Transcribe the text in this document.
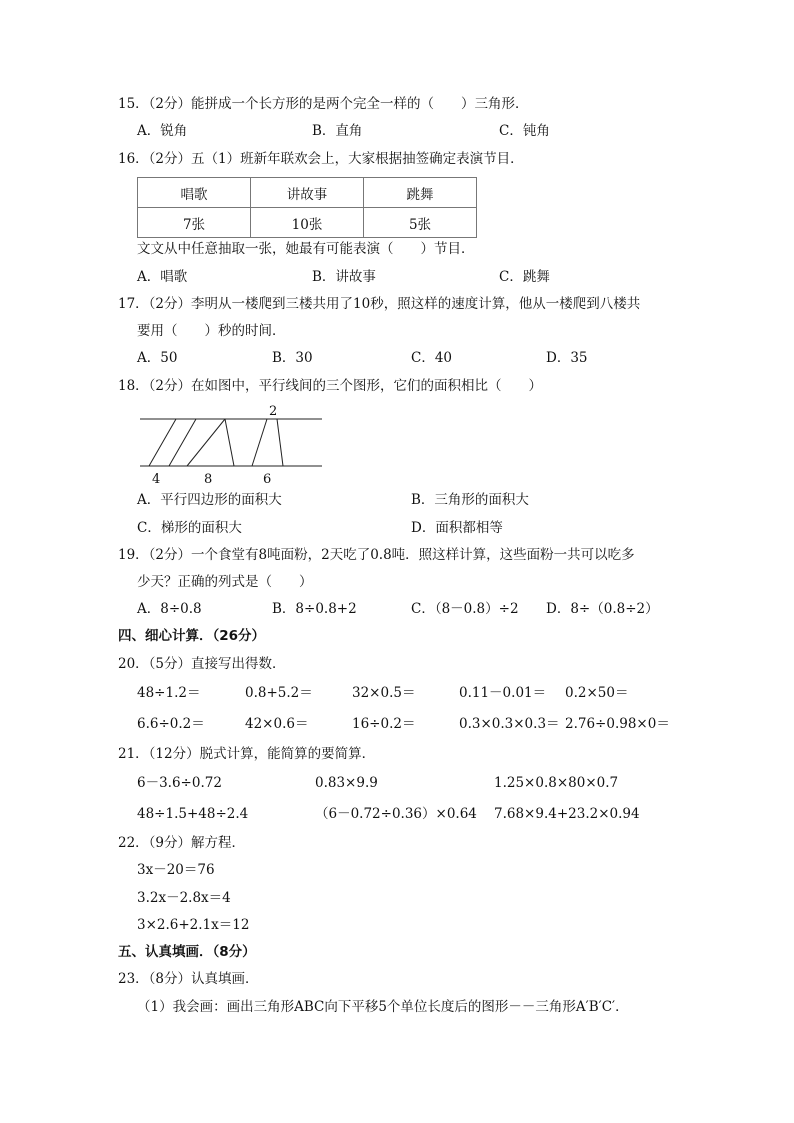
15．（2分）能拼成一个长方形的是两个完全一样的（　　）三角形．
A．锐角	B．直角	C．钝角
16．（2分）五（1）班新年联欢会上，大家根据抽签确定表演节目．
唱歌	讲故事	跳舞
7张	10张	5张
文文从中任意抽取一张，她最有可能表演（　　）节目．
A．唱歌	B．讲故事	C．跳舞
17．（2分）李明从一楼爬到三楼共用了10秒，照这样的速度计算，他从一楼爬到八楼共
要用（　　）秒的时间．
A．50	B．30	C．40	D．35
18．（2分）在如图中，平行线间的三个图形，它们的面积相比（　　）
2
4	8	6
A．平行四边形的面积大	B．三角形的面积大
C．梯形的面积大	D．面积都相等
19．（2分）一个食堂有8吨面粉，2天吃了0.8吨．照这样计算，这些面粉一共可以吃多
少天？正确的列式是（　　）
A．8÷0.8	B．8÷0.8+2	C．（8－0.8）÷2 D．8÷（0.8÷2）
四、细心计算．（26分）
20．（5分）直接写出得数．
48÷1.2＝	0.8+5.2＝	32×0.5＝	0.11－0.01＝ 0.2×50＝
6.6÷0.2＝	42×0.6＝	16÷0.2＝	0.3×0.3×0.3＝ 2.76÷0.98×0＝
21．（12分）脱式计算，能简算的要简算．
6－3.6÷0.72	0.83×9.9	1.25×0.8×80×0.7
48÷1.5+48÷2.4	（6－0.72÷0.36）×0.64 7.68×9.4+23.2×0.94
22．（9分）解方程．
3x－20＝76
3.2x－2.8x＝4
3×2.6+2.1x＝12
五、认真填画．（8分）
23．（8分）认真填画．
（1）我会画：画出三角形ABC向下平移5个单位长度后的图形－－三角形A′B′C′．
